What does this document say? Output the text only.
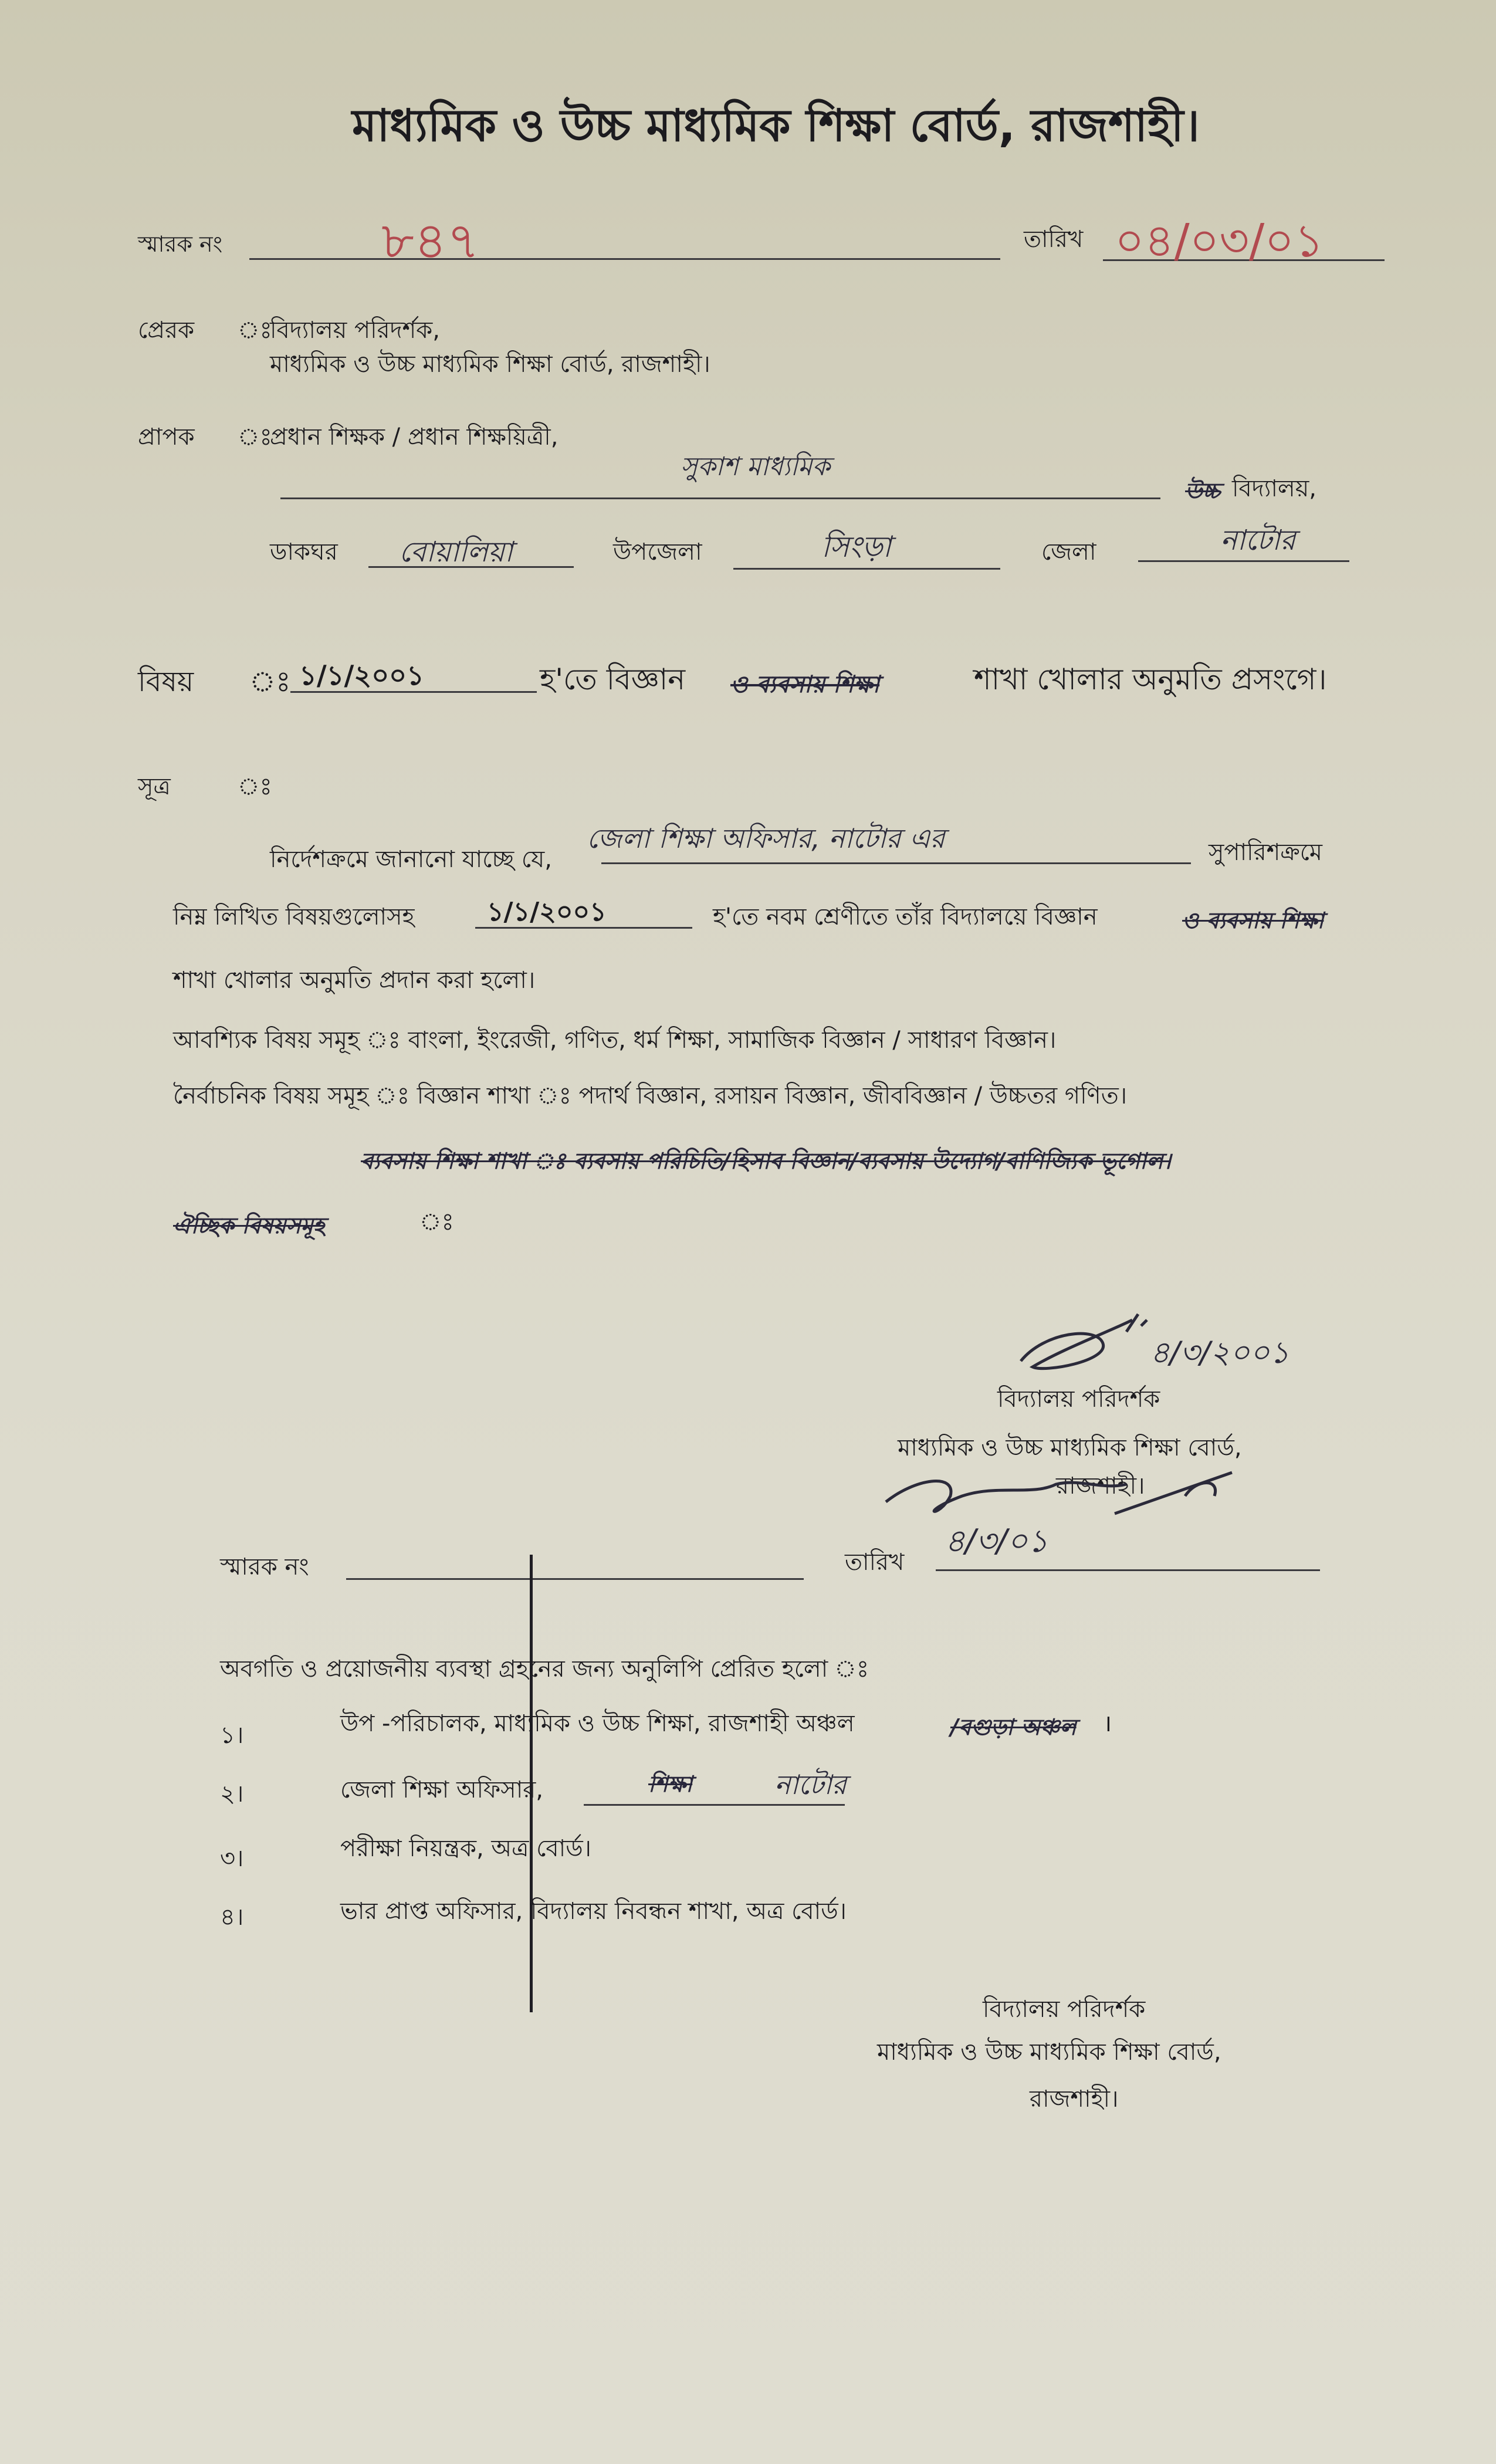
মাধ্যমিক ও উচ্চ মাধ্যমিক শিক্ষা বোর্ড, রাজশাহী।
স্মারক নং	৮৪৭	তারিখ ০৪/০৩/০১
প্রেরক ঃ
বিদ্যালয় পরিদর্শক,
মাধ্যমিক ও উচ্চ মাধ্যমিক শিক্ষা বোর্ড, রাজশাহী।
প্রাপক ঃ
প্রধান শিক্ষক / প্রধান শিক্ষয়িত্রী,
সুকাশ মাধ্যমিক
উচ্চ বিদ্যালয়,
ডাকঘর বোয়ালিয়া	উপজেলা	সিংড়া	জেলা	নাটোর
বিষয় ঃ ১/১/২০০১	হ'তে বিজ্ঞান ও ব্যবসায় শিক্ষা	শাখা খোলার অনুমতি প্রসংগে।
সূত্র	ঃ
নির্দেশক্রমে জানানো যাচ্ছে যে,
জেলা শিক্ষা অফিসার, নাটোর এর	সুপারিশক্রমে
নিম্ন লিখিত বিষয়গুলোসহ	১/১/২০০১	হ'তে নবম শ্রেণীতে তাঁর বিদ্যালয়ে বিজ্ঞান	ও ব্যবসায় শিক্ষা
শাখা খোলার অনুমতি প্রদান করা হলো।
আবশ্যিক বিষয় সমূহ ঃ বাংলা, ইংরেজী, গণিত, ধর্ম শিক্ষা, সামাজিক বিজ্ঞান / সাধারণ বিজ্ঞান।
নৈর্বাচনিক বিষয় সমূহ ঃ বিজ্ঞান শাখা ঃ পদার্থ বিজ্ঞান, রসায়ন বিজ্ঞান, জীববিজ্ঞান / উচ্চতর গণিত।
ব্যবসায় শিক্ষা শাখা ঃ ব্যবসায় পরিচিতি/হিসাব বিজ্ঞান/ব্যবসায় উদ্যোগ/বাণিজ্যিক ভূগোল।
ঐচ্ছিক বিষয়সমূহ	ঃ
৪/৩/২০০১
বিদ্যালয় পরিদর্শক
মাধ্যমিক ও উচ্চ মাধ্যমিক শিক্ষা বোর্ড,
রাজশাহী।
৪/৩/০১
স্মারক নং	তারিখ
অবগতি ও প্রয়োজনীয় ব্যবস্থা গ্রহনের জন্য অনুলিপি প্রেরিত হলো ঃ
১।	উপ -পরিচালক, মাধ্যমিক ও উচ্চ শিক্ষা, রাজশাহী অঞ্চল	/বগুড়া অঞ্চল ।
২।	জেলা শিক্ষা অফিসার,	শিক্ষা	নাটোর
৩।	পরীক্ষা নিয়ন্ত্রক, অত্র বোর্ড।
৪।	ভার প্রাপ্ত অফিসার, বিদ্যালয় নিবন্ধন শাখা, অত্র বোর্ড।
বিদ্যালয় পরিদর্শক
মাধ্যমিক ও উচ্চ মাধ্যমিক শিক্ষা বোর্ড,
রাজশাহী।
